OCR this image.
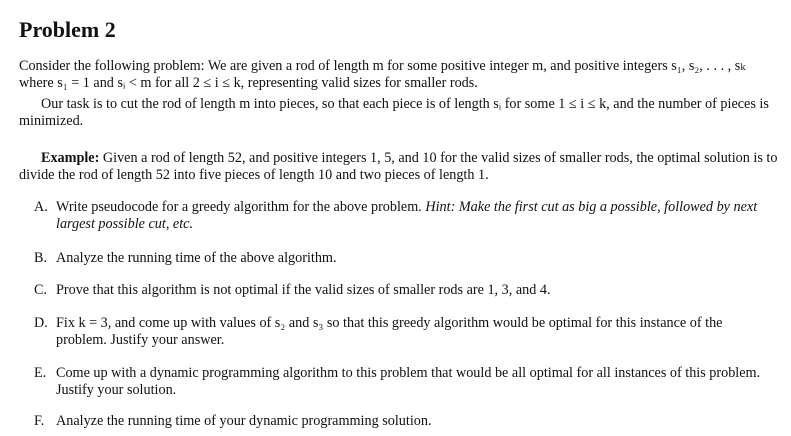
Problem 2

Consider the following problem: We are given a rod of length m for some positive integer m, and positive integers s₁, s₂, . . . , sₖ where s₁ = 1 and sᵢ < m for all 2 ≤ i ≤ k, representing valid sizes for smaller rods.

Our task is to cut the rod of length m into pieces, so that each piece is of length sᵢ for some 1 ≤ i ≤ k, and the number of pieces is minimized.

Example: Given a rod of length 52, and positive integers 1, 5, and 10 for the valid sizes of smaller rods, the optimal solution is to divide the rod of length 52 into five pieces of length 10 and two pieces of length 1.

A. Write pseudocode for a greedy algorithm for the above problem. Hint: Make the first cut as big a possible, followed by next largest possible cut, etc.
B. Analyze the running time of the above algorithm.
C. Prove that this algorithm is not optimal if the valid sizes of smaller rods are 1, 3, and 4.
D. Fix k = 3, and come up with values of s₂ and s₃ so that this greedy algorithm would be optimal for this instance of the problem. Justify your answer.
E. Come up with a dynamic programming algorithm to this problem that would be all optimal for all instances of this problem. Justify your solution.
F. Analyze the running time of your dynamic programming solution.
